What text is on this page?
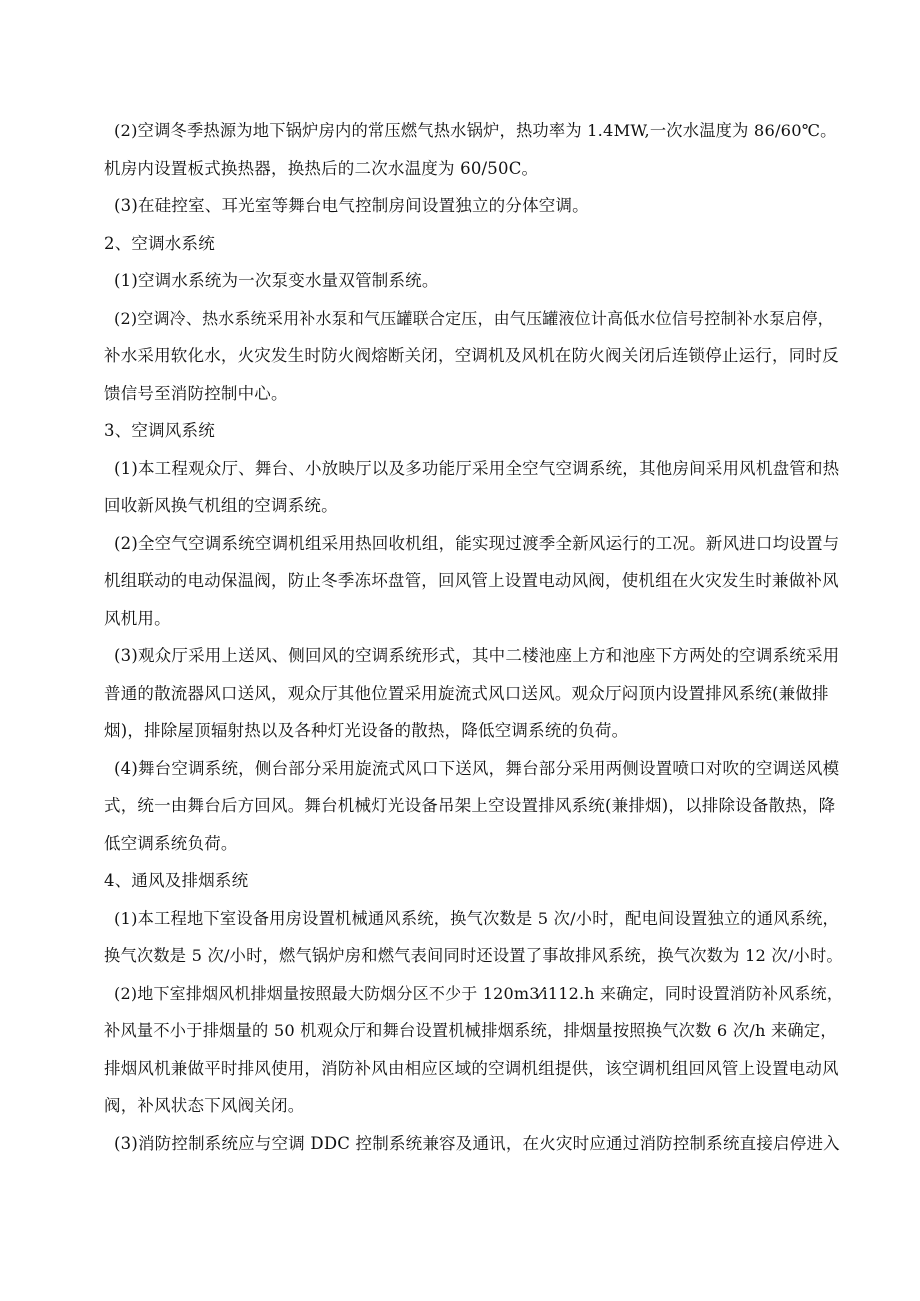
(2)空调冬季热源为地下锅炉房内的常压燃气热水锅炉，热功率为 1.4MW,一次水温度为 86/60℃。
机房内设置板式换热器，换热后的二次水温度为 60/50C。
(3)在硅控室、耳光室等舞台电气控制房间设置独立的分体空调。
2、空调水系统
(1)空调水系统为一次泵变水量双管制系统。
(2)空调冷、热水系统采用补水泵和气压罐联合定压，由气压罐液位计高低水位信号控制补水泵启停，
补水采用软化水，火灾发生时防火阀熔断关闭，空调机及风机在防火阀关闭后连锁停止运行，同时反
馈信号至消防控制中心。
3、空调风系统
(1)本工程观众厅、舞台、小放映厅以及多功能厅采用全空气空调系统，其他房间采用风机盘管和热
回收新风换气机组的空调系统。
(2)全空气空调系统空调机组采用热回收机组，能实现过渡季全新风运行的工况。新风进口均设置与
机组联动的电动保温阀，防止冬季冻坏盘管，回风管上设置电动风阀，使机组在火灾发生时兼做补风
风机用。
(3)观众厅采用上送风、侧回风的空调系统形式，其中二楼池座上方和池座下方两处的空调系统采用
普通的散流器风口送风，观众厅其他位置采用旋流式风口送风。观众厅闷顶内设置排风系统(兼做排
烟)，排除屋顶辐射热以及各种灯光设备的散热，降低空调系统的负荷。
(4)舞台空调系统，侧台部分采用旋流式风口下送风，舞台部分采用两侧设置喷口对吹的空调送风模
式，统一由舞台后方回风。舞台机械灯光设备吊架上空设置排风系统(兼排烟)，以排除设备散热，降
低空调系统负荷。
4、通风及排烟系统
(1)本工程地下室设备用房设置机械通风系统，换气次数是 5 次/小时，配电间设置独立的通风系统，
换气次数是 5 次/小时，燃气锅炉房和燃气表间同时还设置了事故排风系统，换气次数为 12 次/小时。
(2)地下室排烟风机排烟量按照最大防烟分区不少于 120m3⁄i112.h 来确定，同时设置消防补风系统，
补风量不小于排烟量的 50 机观众厅和舞台设置机械排烟系统，排烟量按照换气次数 6 次/h 来确定，
排烟风机兼做平时排风使用，消防补风由相应区域的空调机组提供，该空调机组回风管上设置电动风
阀，补风状态下风阀关闭。
(3)消防控制系统应与空调 DDC 控制系统兼容及通讯，在火灾时应通过消防控制系统直接启停进入
